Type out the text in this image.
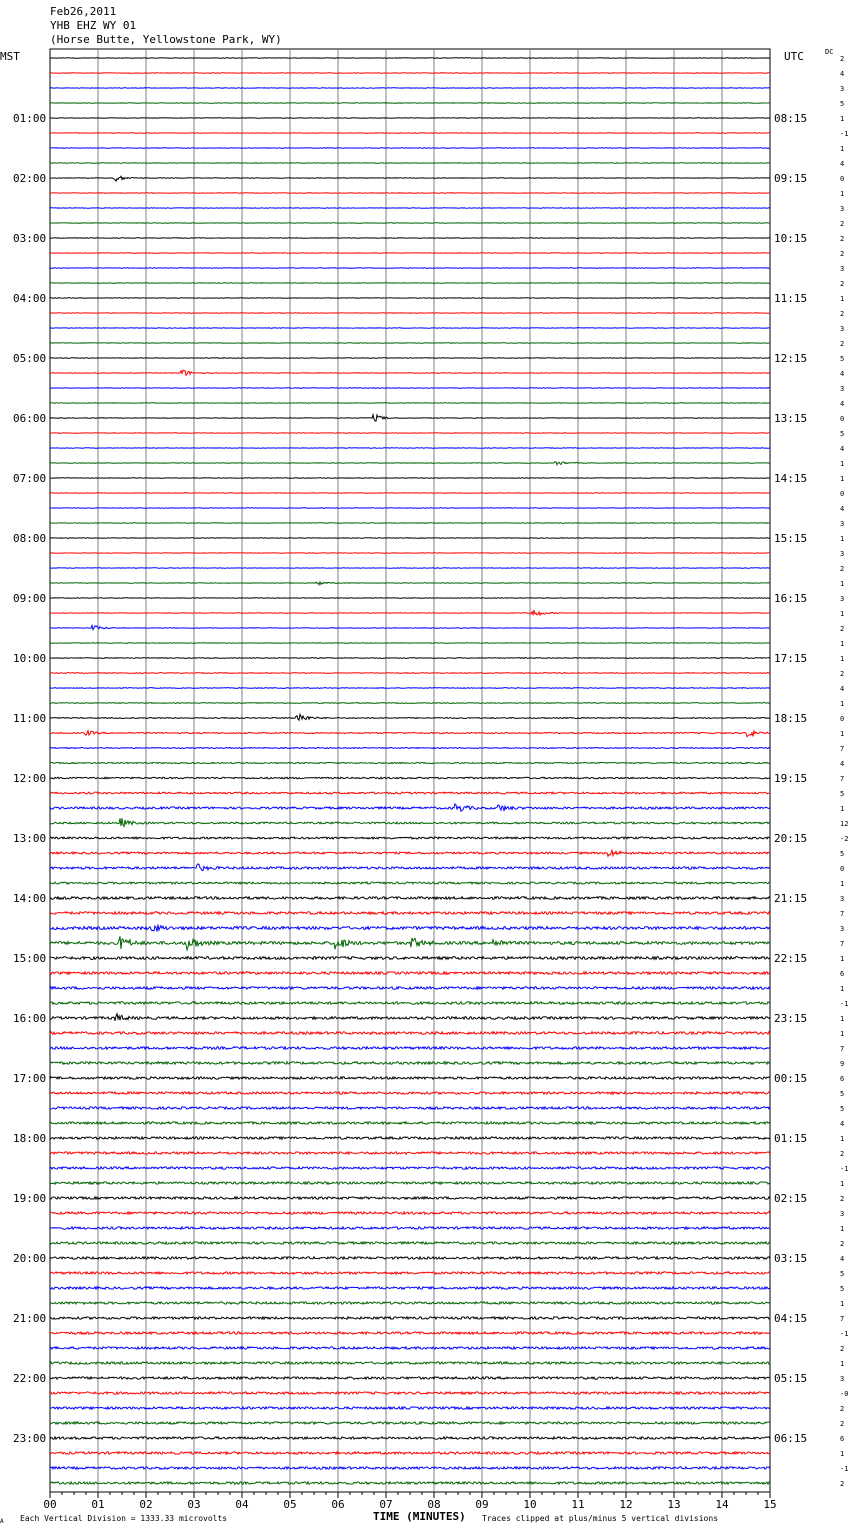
Feb26,2011
YHB EHZ WY 01
(Horse Butte, Yellowstone Park, WY)
MST	UTC	DC
00	01	02	03	04	05	06	07	08	09	10	11	12	13	14	15
2
4
3
5
1
01:00	08:15
-1
1
4
0
02:00	09:15
1
3
2
2
03:00	10:15
2
3
2
1
04:00	11:15
2
3
2
5
05:00	12:15
4
3
4
0
06:00	13:15
5
4
1
1
07:00	14:15
0
4
3
1
08:00	15:15
3
2
1
3
09:00	16:15
1
2
1
1
10:00	17:15
2
4
1
0
11:00	18:15
1
7
4
7
12:00	19:15
5
1
12
-2
13:00	20:15
5
0
1
3
14:00	21:15
7
3
7
1
15:00	22:15
6
1
-1
1
16:00	23:15
1
7
9
6
17:00	00:15
5
5
4
1
18:00	01:15
2
-1
1
2
19:00	02:15
3
1
2
4
20:00	03:15
5
5
1
7
21:00	04:15
-1
2
1
3
22:00	05:15
-0
2
2
6
23:00	06:15
1
-1
2
A Each Vertical Division = 1333.33 microvolts	TIME (MINUTES) Traces clipped at plus/minus 5 vertical divisions
